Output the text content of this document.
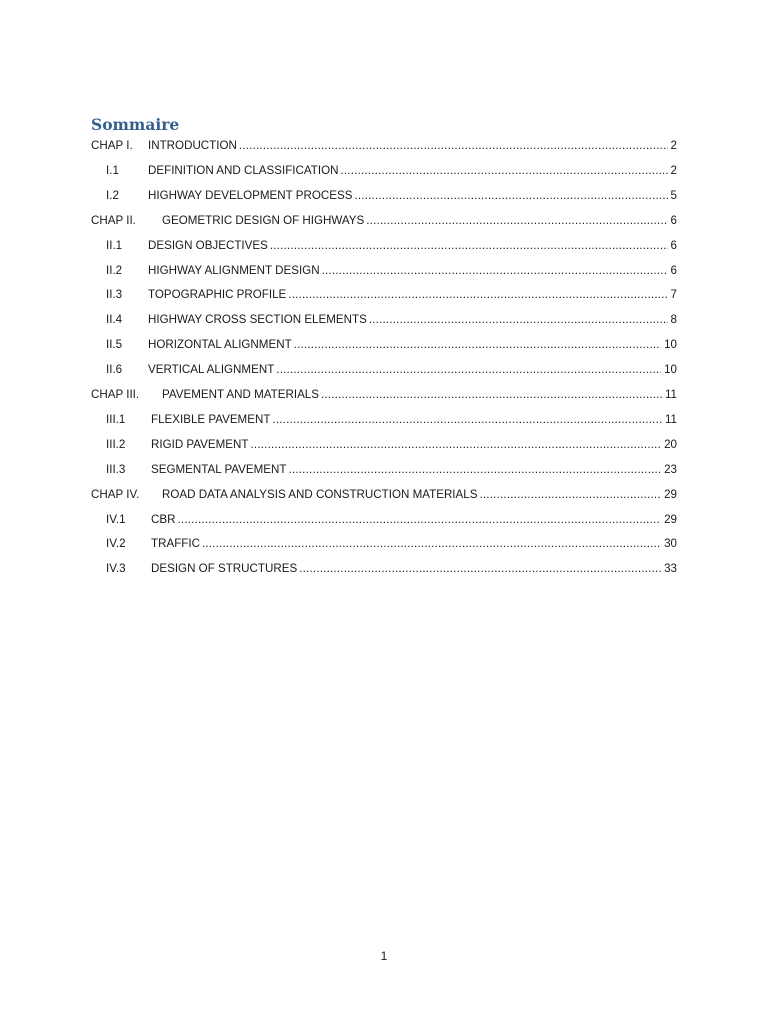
Sommaire
CHAP I.	INTRODUCTION .....	2
I.1	DEFINITION AND CLASSIFICATION .....	2
I.2	HIGHWAY DEVELOPMENT PROCESS .....	5
CHAP II.	GEOMETRIC DESIGN OF HIGHWAYS .....	6
II.1	DESIGN OBJECTIVES .....	6
II.2	HIGHWAY ALIGNMENT DESIGN .....	6
II.3	TOPOGRAPHIC PROFILE .....	7
II.4	HIGHWAY CROSS SECTION ELEMENTS .....	8
II.5	HORIZONTAL ALIGNMENT .....	10
II.6	VERTICAL ALIGNMENT .....	10
CHAP III.	PAVEMENT AND MATERIALS .....	11
III.1	FLEXIBLE PAVEMENT .....	11
III.2	RIGID PAVEMENT .....	20
III.3	SEGMENTAL PAVEMENT .....	23
CHAP IV.	ROAD DATA ANALYSIS AND CONSTRUCTION MATERIALS .....	29
IV.1	CBR .....	29
IV.2	TRAFFIC .....	30
IV.3	DESIGN OF STRUCTURES .....	33
1
